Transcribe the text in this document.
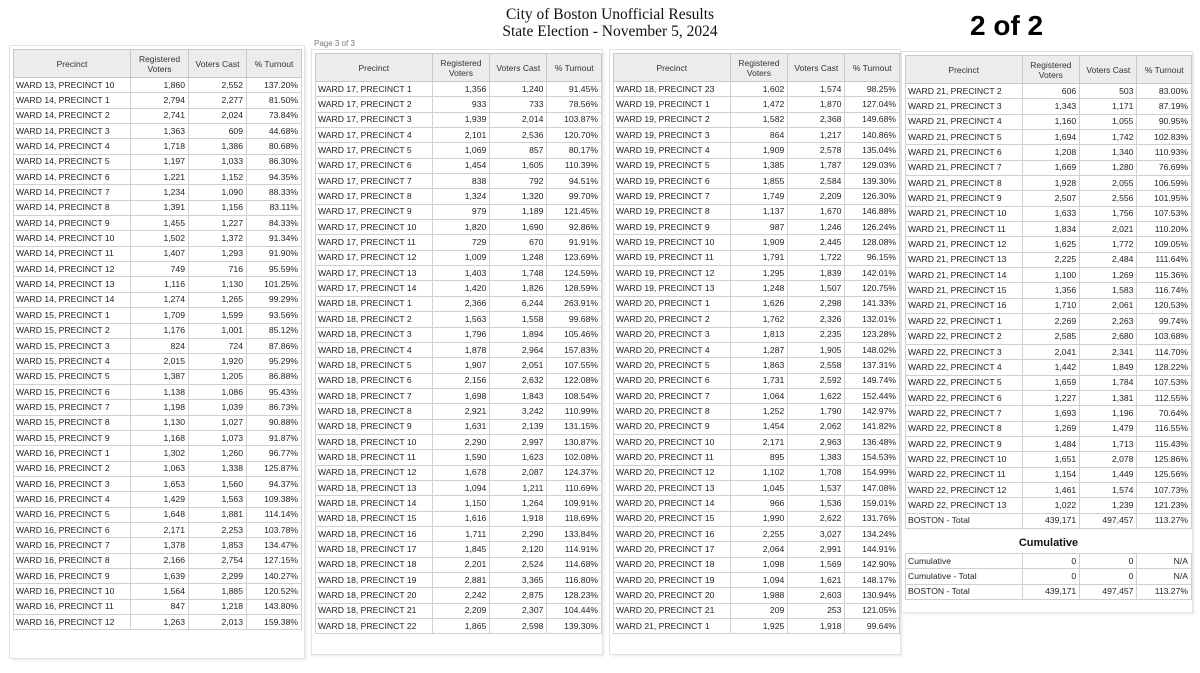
City of Boston Unofficial Results
State Election - November 5, 2024	2 of 2
Page 3 of 3
Precinct	Registered Voters	Voters Cast	% Turnout
WARD 13, PRECINCT 10	1,860	2,552	137.20%
WARD 14, PRECINCT 1	2,794	2,277	81.50%
WARD 14, PRECINCT 2	2,741	2,024	73.84%
WARD 14, PRECINCT 3	1,363	609	44.68%
WARD 14, PRECINCT 4	1,718	1,386	80.68%
WARD 14, PRECINCT 5	1,197	1,033	86.30%
WARD 14, PRECINCT 6	1,221	1,152	94.35%
WARD 14, PRECINCT 7	1,234	1,090	88.33%
WARD 14, PRECINCT 8	1,391	1,156	83.11%
WARD 14, PRECINCT 9	1,455	1,227	84.33%
WARD 14, PRECINCT 10	1,502	1,372	91.34%
WARD 14, PRECINCT 11	1,407	1,293	91.90%
WARD 14, PRECINCT 12	749	716	95.59%
WARD 14, PRECINCT 13	1,116	1,130	101.25%
WARD 14, PRECINCT 14	1,274	1,265	99.29%
WARD 15, PRECINCT 1	1,709	1,599	93.56%
WARD 15, PRECINCT 2	1,176	1,001	85.12%
WARD 15, PRECINCT 3	824	724	87.86%
WARD 15, PRECINCT 4	2,015	1,920	95.29%
WARD 15, PRECINCT 5	1,387	1,205	86.88%
WARD 15, PRECINCT 6	1,138	1,086	95.43%
WARD 15, PRECINCT 7	1,198	1,039	86.73%
WARD 15, PRECINCT 8	1,130	1,027	90.88%
WARD 15, PRECINCT 9	1,168	1,073	91.87%
WARD 16, PRECINCT 1	1,302	1,260	96.77%
WARD 16, PRECINCT 2	1,063	1,338	125.87%
WARD 16, PRECINCT 3	1,653	1,560	94.37%
WARD 16, PRECINCT 4	1,429	1,563	109.38%
WARD 16, PRECINCT 5	1,648	1,881	114.14%
WARD 16, PRECINCT 6	2,171	2,253	103.78%
WARD 16, PRECINCT 7	1,378	1,853	134.47%
WARD 16, PRECINCT 8	2,166	2,754	127.15%
WARD 16, PRECINCT 9	1,639	2,299	140.27%
WARD 16, PRECINCT 10	1,564	1,885	120.52%
WARD 16, PRECINCT 11	847	1,218	143.80%
WARD 16, PRECINCT 12	1,263	2,013	159.38%
Precinct	Registered Voters	Voters Cast	% Turnout
WARD 17, PRECINCT 1	1,356	1,240	91.45%
WARD 17, PRECINCT 2	933	733	78.56%
WARD 17, PRECINCT 3	1,939	2,014	103.87%
WARD 17, PRECINCT 4	2,101	2,536	120.70%
WARD 17, PRECINCT 5	1,069	857	80.17%
WARD 17, PRECINCT 6	1,454	1,605	110.39%
WARD 17, PRECINCT 7	838	792	94.51%
WARD 17, PRECINCT 8	1,324	1,320	99.70%
WARD 17, PRECINCT 9	979	1,189	121.45%
WARD 17, PRECINCT 10	1,820	1,690	92.86%
WARD 17, PRECINCT 11	729	670	91.91%
WARD 17, PRECINCT 12	1,009	1,248	123.69%
WARD 17, PRECINCT 13	1,403	1,748	124.59%
WARD 17, PRECINCT 14	1,420	1,826	128.59%
WARD 18, PRECINCT 1	2,366	6,244	263.91%
WARD 18, PRECINCT 2	1,563	1,558	99.68%
WARD 18, PRECINCT 3	1,796	1,894	105.46%
WARD 18, PRECINCT 4	1,878	2,964	157.83%
WARD 18, PRECINCT 5	1,907	2,051	107.55%
WARD 18, PRECINCT 6	2,156	2,632	122.08%
WARD 18, PRECINCT 7	1,698	1,843	108.54%
WARD 18, PRECINCT 8	2,921	3,242	110.99%
WARD 18, PRECINCT 9	1,631	2,139	131.15%
WARD 18, PRECINCT 10	2,290	2,997	130.87%
WARD 18, PRECINCT 11	1,590	1,623	102.08%
WARD 18, PRECINCT 12	1,678	2,087	124.37%
WARD 18, PRECINCT 13	1,094	1,211	110.69%
WARD 18, PRECINCT 14	1,150	1,264	109.91%
WARD 18, PRECINCT 15	1,616	1,918	118.69%
WARD 18, PRECINCT 16	1,711	2,290	133.84%
WARD 18, PRECINCT 17	1,845	2,120	114.91%
WARD 18, PRECINCT 18	2,201	2,524	114.68%
WARD 18, PRECINCT 19	2,881	3,365	116.80%
WARD 18, PRECINCT 20	2,242	2,875	128.23%
WARD 18, PRECINCT 21	2,209	2,307	104.44%
WARD 18, PRECINCT 22	1,865	2,598	139.30%
Precinct	Registered Voters	Voters Cast	% Turnout
WARD 18, PRECINCT 23	1,602	1,574	98.25%
WARD 19, PRECINCT 1	1,472	1,870	127.04%
WARD 19, PRECINCT 2	1,582	2,368	149.68%
WARD 19, PRECINCT 3	864	1,217	140.86%
WARD 19, PRECINCT 4	1,909	2,578	135.04%
WARD 19, PRECINCT 5	1,385	1,787	129.03%
WARD 19, PRECINCT 6	1,855	2,584	139.30%
WARD 19, PRECINCT 7	1,749	2,209	126.30%
WARD 19, PRECINCT 8	1,137	1,670	146.88%
WARD 19, PRECINCT 9	987	1,246	126.24%
WARD 19, PRECINCT 10	1,909	2,445	128.08%
WARD 19, PRECINCT 11	1,791	1,722	96.15%
WARD 19, PRECINCT 12	1,295	1,839	142.01%
WARD 19, PRECINCT 13	1,248	1,507	120.75%
WARD 20, PRECINCT 1	1,626	2,298	141.33%
WARD 20, PRECINCT 2	1,762	2,326	132.01%
WARD 20, PRECINCT 3	1,813	2,235	123.28%
WARD 20, PRECINCT 4	1,287	1,905	148.02%
WARD 20, PRECINCT 5	1,863	2,558	137.31%
WARD 20, PRECINCT 6	1,731	2,592	149.74%
WARD 20, PRECINCT 7	1,064	1,622	152.44%
WARD 20, PRECINCT 8	1,252	1,790	142.97%
WARD 20, PRECINCT 9	1,454	2,062	141.82%
WARD 20, PRECINCT 10	2,171	2,963	136.48%
WARD 20, PRECINCT 11	895	1,383	154.53%
WARD 20, PRECINCT 12	1,102	1,708	154.99%
WARD 20, PRECINCT 13	1,045	1,537	147.08%
WARD 20, PRECINCT 14	966	1,536	159.01%
WARD 20, PRECINCT 15	1,990	2,622	131.76%
WARD 20, PRECINCT 16	2,255	3,027	134.24%
WARD 20, PRECINCT 17	2,064	2,991	144.91%
WARD 20, PRECINCT 18	1,098	1,569	142.90%
WARD 20, PRECINCT 19	1,094	1,621	148.17%
WARD 20, PRECINCT 20	1,988	2,603	130.94%
WARD 20, PRECINCT 21	209	253	121.05%
WARD 21, PRECINCT 1	1,925	1,918	99.64%
Precinct	Registered Voters	Voters Cast	% Turnout
WARD 21, PRECINCT 2	606	503	83.00%
WARD 21, PRECINCT 3	1,343	1,171	87.19%
WARD 21, PRECINCT 4	1,160	1,055	90.95%
WARD 21, PRECINCT 5	1,694	1,742	102.83%
WARD 21, PRECINCT 6	1,208	1,340	110.93%
WARD 21, PRECINCT 7	1,669	1,280	76.69%
WARD 21, PRECINCT 8	1,928	2,055	106.59%
WARD 21, PRECINCT 9	2,507	2,556	101.95%
WARD 21, PRECINCT 10	1,633	1,756	107.53%
WARD 21, PRECINCT 11	1,834	2,021	110.20%
WARD 21, PRECINCT 12	1,625	1,772	109.05%
WARD 21, PRECINCT 13	2,225	2,484	111.64%
WARD 21, PRECINCT 14	1,100	1,269	115.36%
WARD 21, PRECINCT 15	1,356	1,583	116.74%
WARD 21, PRECINCT 16	1,710	2,061	120.53%
WARD 22, PRECINCT 1	2,269	2,263	99.74%
WARD 22, PRECINCT 2	2,585	2,680	103.68%
WARD 22, PRECINCT 3	2,041	2,341	114.70%
WARD 22, PRECINCT 4	1,442	1,849	128.22%
WARD 22, PRECINCT 5	1,659	1,784	107.53%
WARD 22, PRECINCT 6	1,227	1,381	112.55%
WARD 22, PRECINCT 7	1,693	1,196	70.64%
WARD 22, PRECINCT 8	1,269	1,479	116.55%
WARD 22, PRECINCT 9	1,484	1,713	115.43%
WARD 22, PRECINCT 10	1,651	2,078	125.86%
WARD 22, PRECINCT 11	1,154	1,449	125.56%
WARD 22, PRECINCT 12	1,461	1,574	107.73%
WARD 22, PRECINCT 13	1,022	1,239	121.23%
BOSTON - Total	439,171	497,457	113.27%

Cumulative			
Cumulative	0	0	N/A
Cumulative - Total	0	0	N/A
BOSTON - Total	439,171	497,457	113.27%
